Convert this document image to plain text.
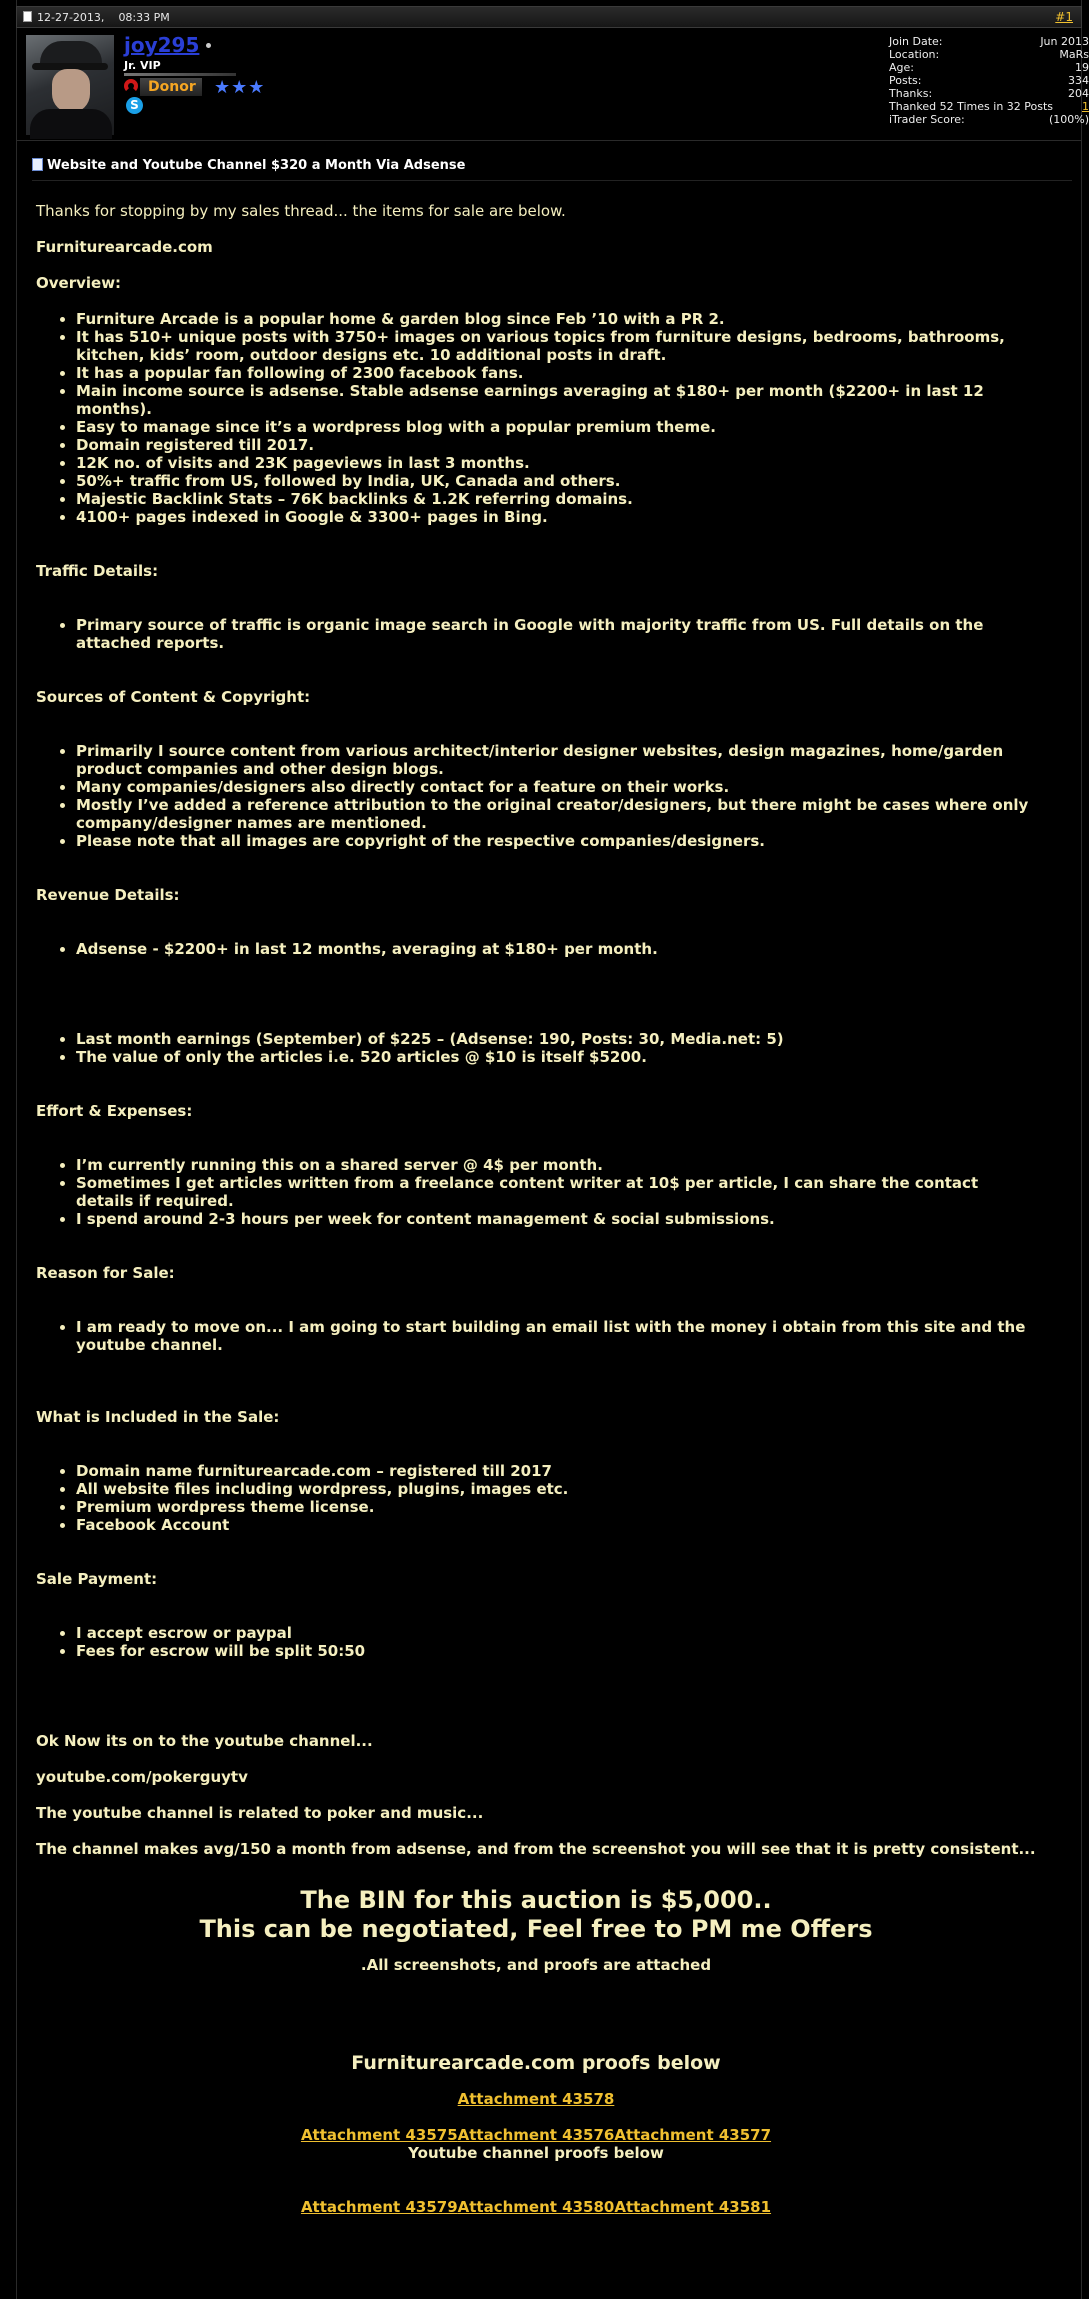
12-27-2013, 08:33 PM	#1
joy295
Jr. VIP
Donor	★★★
S
Join Date:	Jun 2013
Location:	MaRs
Age:	19
Posts:	334
Thanks:	204
Thanked 52 Times in 32 Posts	1
iTrader Score:	(100%)
Website and Youtube Channel $320 a Month Via Adsense

Thanks for stopping by my sales thread... the items for sale are below.

Furniturearcade.com

Overview:

• Furniture Arcade is a popular home & garden blog since Feb ’10 with a PR 2.
• It has 510+ unique posts with 3750+ images on various topics from furniture designs, bedrooms, bathrooms, kitchen, kids’ room, outdoor designs etc. 10 additional posts in draft.
• It has a popular fan following of 2300 facebook fans.
• Main income source is adsense. Stable adsense earnings averaging at $180+ per month ($2200+ in last 12 months).
• Easy to manage since it’s a wordpress blog with a popular premium theme.
• Domain registered till 2017.
• 12K no. of visits and 23K pageviews in last 3 months.
• 50%+ traffic from US, followed by India, UK, Canada and others.
• Majestic Backlink Stats – 76K backlinks & 1.2K referring domains.
• 4100+ pages indexed in Google & 3300+ pages in Bing.

Traffic Details:

• Primary source of traffic is organic image search in Google with majority traffic from US. Full details on the attached reports.

Sources of Content & Copyright:

• Primarily I source content from various architect/interior designer websites, design magazines, home/garden product companies and other design blogs.
• Many companies/designers also directly contact for a feature on their works.
• Mostly I’ve added a reference attribution to the original creator/designers, but there might be cases where only company/designer names are mentioned.
• Please note that all images are copyright of the respective companies/designers.

Revenue Details:

• Adsense - $2200+ in last 12 months, averaging at $180+ per month.
• Last month earnings (September) of $225 – (Adsense: 190, Posts: 30, Media.net: 5)
• The value of only the articles i.e. 520 articles @ $10 is itself $5200.

Effort & Expenses:

• I’m currently running this on a shared server @ 4$ per month.
• Sometimes I get articles written from a freelance content writer at 10$ per article, I can share the contact details if required.
• I spend around 2-3 hours per week for content management & social submissions.

Reason for Sale:

• I am ready to move on... I am going to start building an email list with the money i obtain from this site and the youtube channel.

What is Included in the Sale:

• Domain name furniturearcade.com – registered till 2017
• All website files including wordpress, plugins, images etc.
• Premium wordpress theme license.
• Facebook Account

Sale Payment:

• I accept escrow or paypal
• Fees for escrow will be split 50:50

Ok Now its on to the youtube channel...

youtube.com/pokerguytv

The youtube channel is related to poker and music...

The channel makes avg/150 a month from adsense, and from the screenshot you will see that it is pretty consistent...

The BIN for this auction is $5,000..

This can be negotiated, Feel free to PM me Offers

.All screenshots, and proofs are attached

Furniturearcade.com proofs below

Attachment 43578

Attachment 43575Attachment 43576Attachment 43577

Youtube channel proofs below

Attachment 43579Attachment 43580Attachment 43581
